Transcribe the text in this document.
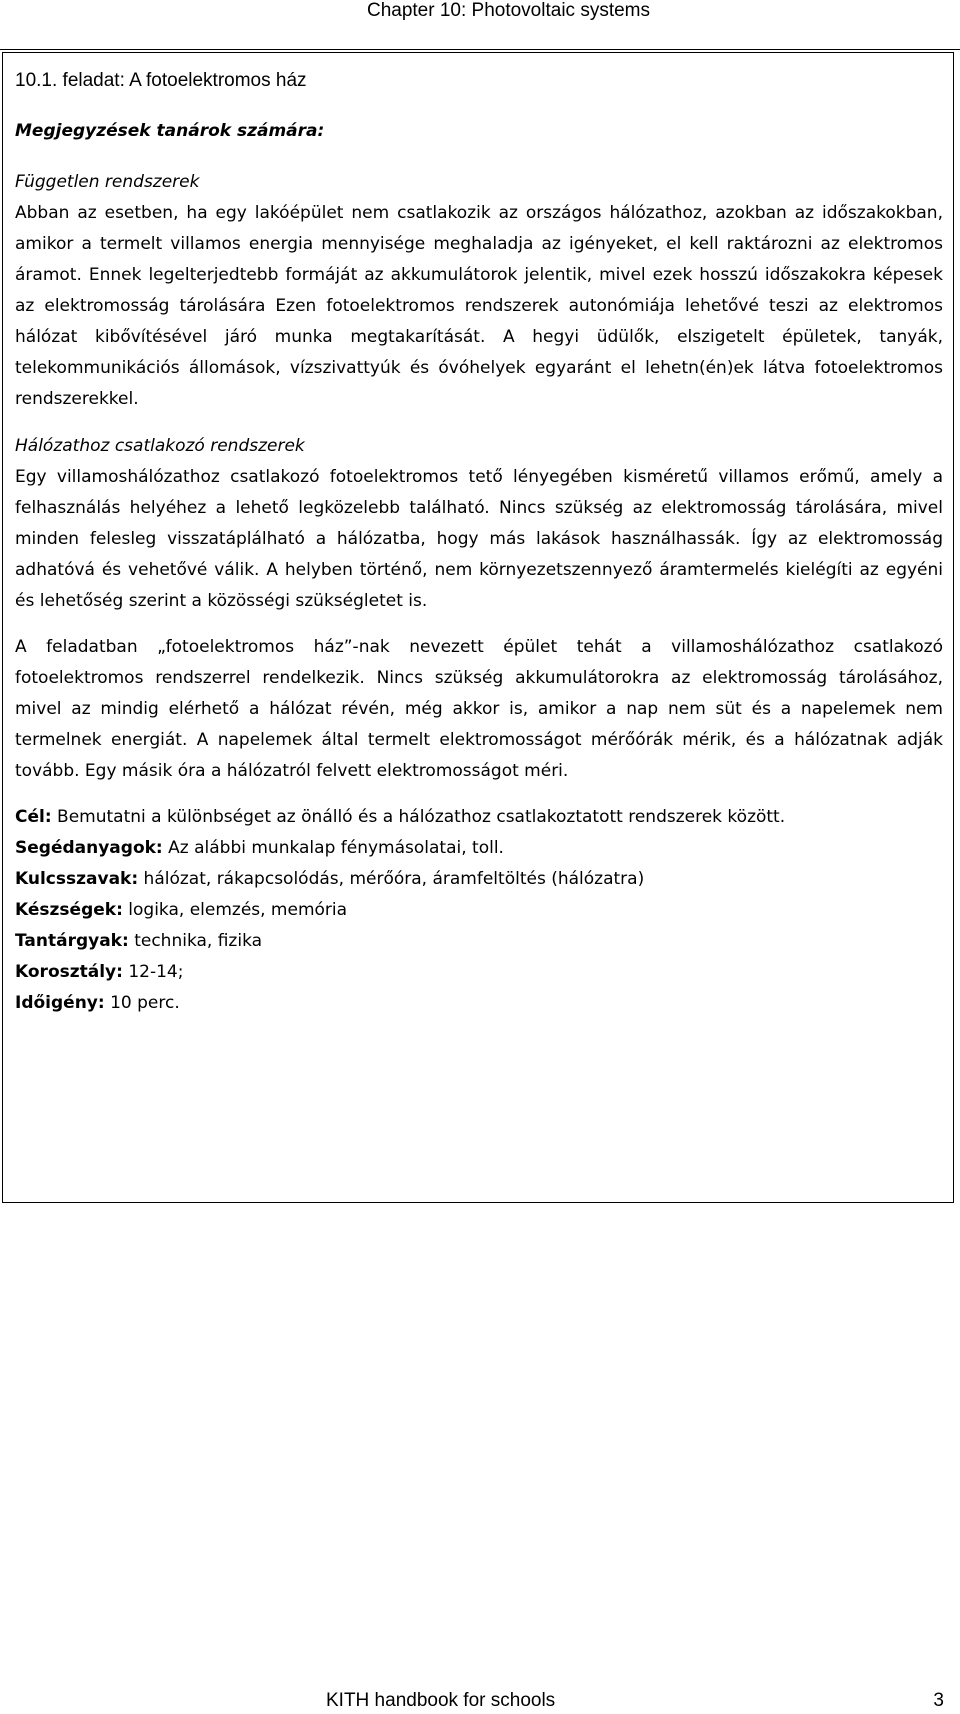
Chapter 10: Photovoltaic systems

10.1. feladat: A fotoelektromos ház

Megjegyzések tanárok számára:

Független rendszerek

Abban az esetben, ha egy lakóépület nem csatlakozik az országos hálózathoz, azokban az időszakokban, amikor a termelt villamos energia mennyisége meghaladja az igényeket, el kell raktározni az elektromos áramot. Ennek legelterjedtebb formáját az akkumulátorok jelentik, mivel ezek hosszú időszakokra képesek az elektromosság tárolására Ezen fotoelektromos rendszerek autonómiája lehetővé teszi az elektromos hálózat kibővítésével járó munka megtakarítását. A hegyi üdülők, elszigetelt épületek, tanyák, telekommunikációs állomások, vízszivattyúk és óvóhelyek egyaránt el lehetn(én)ek látva fotoelektromos rendszerekkel.

Hálózathoz csatlakozó rendszerek

Egy villamoshálózathoz csatlakozó fotoelektromos tető lényegében kisméretű villamos erőmű, amely a felhasználás helyéhez a lehető legközelebb található. Nincs szükség az elektromosság tárolására, mivel minden felesleg visszatáplálható a hálózatba, hogy más lakások használhassák. Így az elektromosság adhatóvá és vehetővé válik. A helyben történő, nem környezetszennyező áramtermelés kielégíti az egyéni és lehetőség szerint a közösségi szükségletet is.

A feladatban „fotoelektromos ház”-nak nevezett épület tehát a villamoshálózathoz csatlakozó fotoelektromos rendszerrel rendelkezik. Nincs szükség akkumulátorokra az elektromosság tárolásához, mivel az mindig elérhető a hálózat révén, még akkor is, amikor a nap nem süt és a napelemek nem termelnek energiát. A napelemek által termelt elektromosságot mérőórák mérik, és a hálózatnak adják tovább. Egy másik óra a hálózatról felvett elektromosságot méri.

Cél: Bemutatni a különbséget az önálló és a hálózathoz csatlakoztatott rendszerek között.

Segédanyagok: Az alábbi munkalap fénymásolatai, toll.

Kulcsszavak: hálózat, rákapcsolódás, mérőóra, áramfeltöltés (hálózatra)

Készségek: logika, elemzés, memória

Tantárgyak: technika, fizika

Korosztály: 12-14;

Időigény: 10 perc.

KITH handbook for schools	3
